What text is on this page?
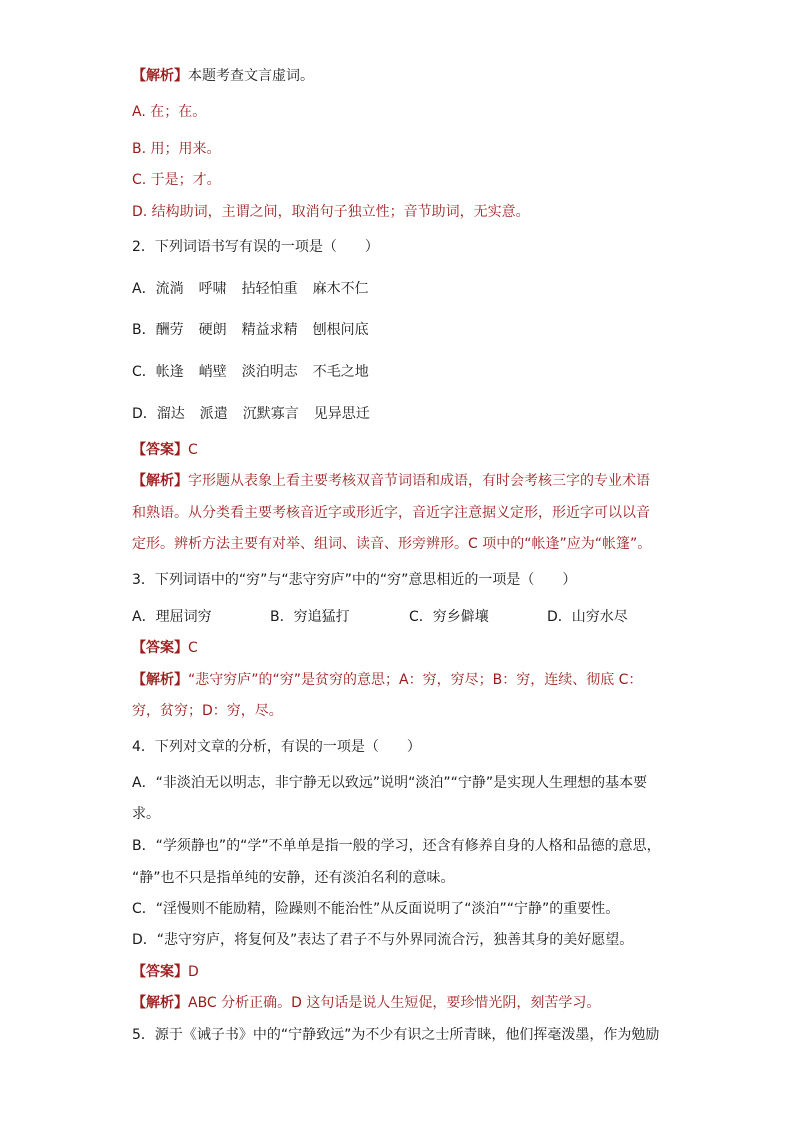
【解析】本题考查文言虚词。
A. 在；在。
B. 用；用来。
C. 于是；才。
D. 结构助词，主谓之间，取消句子独立性；音节助词，无实意。
2．下列词语书写有误的一项是（　　）
A．流淌 呼啸 拈轻怕重 麻木不仁
B．酬劳 硬朗 精益求精 刨根问底
C．帐逢 峭壁 淡泊明志 不毛之地
D．溜达 派遣 沉默寡言 见异思迁
【答案】C
【解析】字形题从表象上看主要考核双音节词语和成语，有时会考核三字的专业术语
和熟语。从分类看主要考核音近字或形近字，音近字注意据义定形，形近字可以以音
定形。辨析方法主要有对举、组词、读音、形旁辨形。C 项中的“帐逢”应为“帐篷”。
3．下列词语中的“穷”与“悲守穷庐”中的“穷”意思相近的一项是（　　）
A．理屈词穷	B．穷追猛打	C．穷乡僻壤	D．山穷水尽
【答案】C
【解析】“悲守穷庐”的“穷”是贫穷的意思；A：穷，穷尽；B：穷，连续、彻底 C：
穷，贫穷；D：穷，尽。
4．下列对文章的分析，有误的一项是（　　）
A．“非淡泊无以明志，非宁静无以致远”说明“淡泊”“宁静”是实现人生理想的基本要
求。
B．“学须静也”的“学”不单单是指一般的学习，还含有修养自身的人格和品德的意思，
“静”也不只是指单纯的安静，还有淡泊名利的意味。
C．“淫慢则不能励精，险躁则不能治性”从反面说明了“淡泊”“宁静”的重要性。
D．“悲守穷庐，将复何及”表达了君子不与外界同流合污，独善其身的美好愿望。
【答案】D
【解析】ABC 分析正确。D 这句话是说人生短促，要珍惜光阴，刻苦学习。
5．源于《诫子书》中的“宁静致远”为不少有识之士所青睐，他们挥毫泼墨，作为勉励
